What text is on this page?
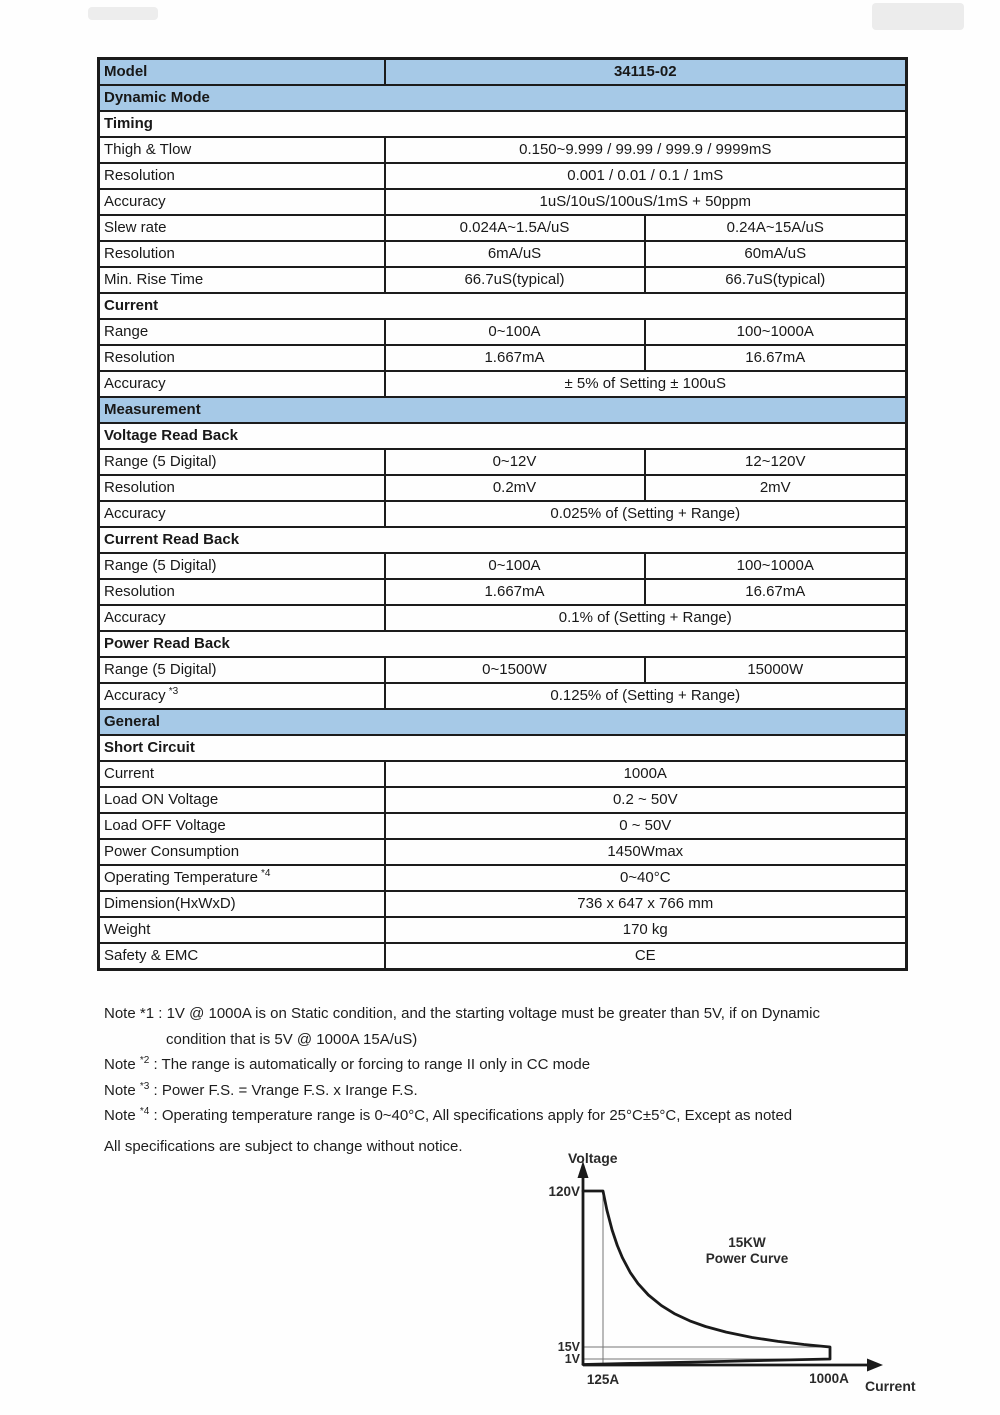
Model	34115-02	
Dynamic Mode		
Timing		
Thigh & Tlow	0.150~9.999 / 99.99 / 999.9 / 9999mS	
Resolution	0.001 / 0.01 / 0.1 / 1mS	
Accuracy	1uS/10uS/100uS/1mS + 50ppm	
Slew rate	0.024A~1.5A/uS	0.24A~15A/uS
Resolution	6mA/uS	60mA/uS
Min. Rise Time	66.7uS(typical)	66.7uS(typical)
Current		
Range	0~100A	100~1000A
Resolution	1.667mA	16.67mA
Accuracy	± 5% of Setting ± 100uS	
Measurement		
Voltage Read Back		
Range (5 Digital)	0~12V	12~120V
Resolution	0.2mV	2mV
Accuracy	0.025% of (Setting + Range)	
Current Read Back		
Range (5 Digital)	0~100A	100~1000A
Resolution	1.667mA	16.67mA
Accuracy	0.1% of (Setting + Range)	
Power Read Back		
Range (5 Digital)	0~1500W	15000W
Accuracy $^{*3}$	0.125% of (Setting + Range)	
General		
Short Circuit		
Current	1000A	
Load ON Voltage	0.2 ~ 50V	
Load OFF Voltage	0 ~ 50V	
Power Consumption	1450Wmax	
Operating Temperature $^{*4}$	0~40°C	
Dimension(HxWxD)	736 x 647 x 766 mm	
Weight	170 kg	
Safety & EMC	CE	
Note *1 : 1V @ 1000A is on Static condition, and the starting voltage must be greater than 5V, if on Dynamic
condition that is 5V @ 1000A 15A/uS)
Note $^{*2}$ : The range is automatically or forcing to range II only in CC mode
Note $^{*3}$ : Power F.S. = Vrange F.S. x Irange F.S.
Note $^{*4}$ : Operating temperature range is 0~40°C, All specifications apply for 25°C±5°C, Except as noted
All specifications are subject to change without notice.
Voltage
Current
120V
15V
1V
125A	1000A
15KW
Power Curve
